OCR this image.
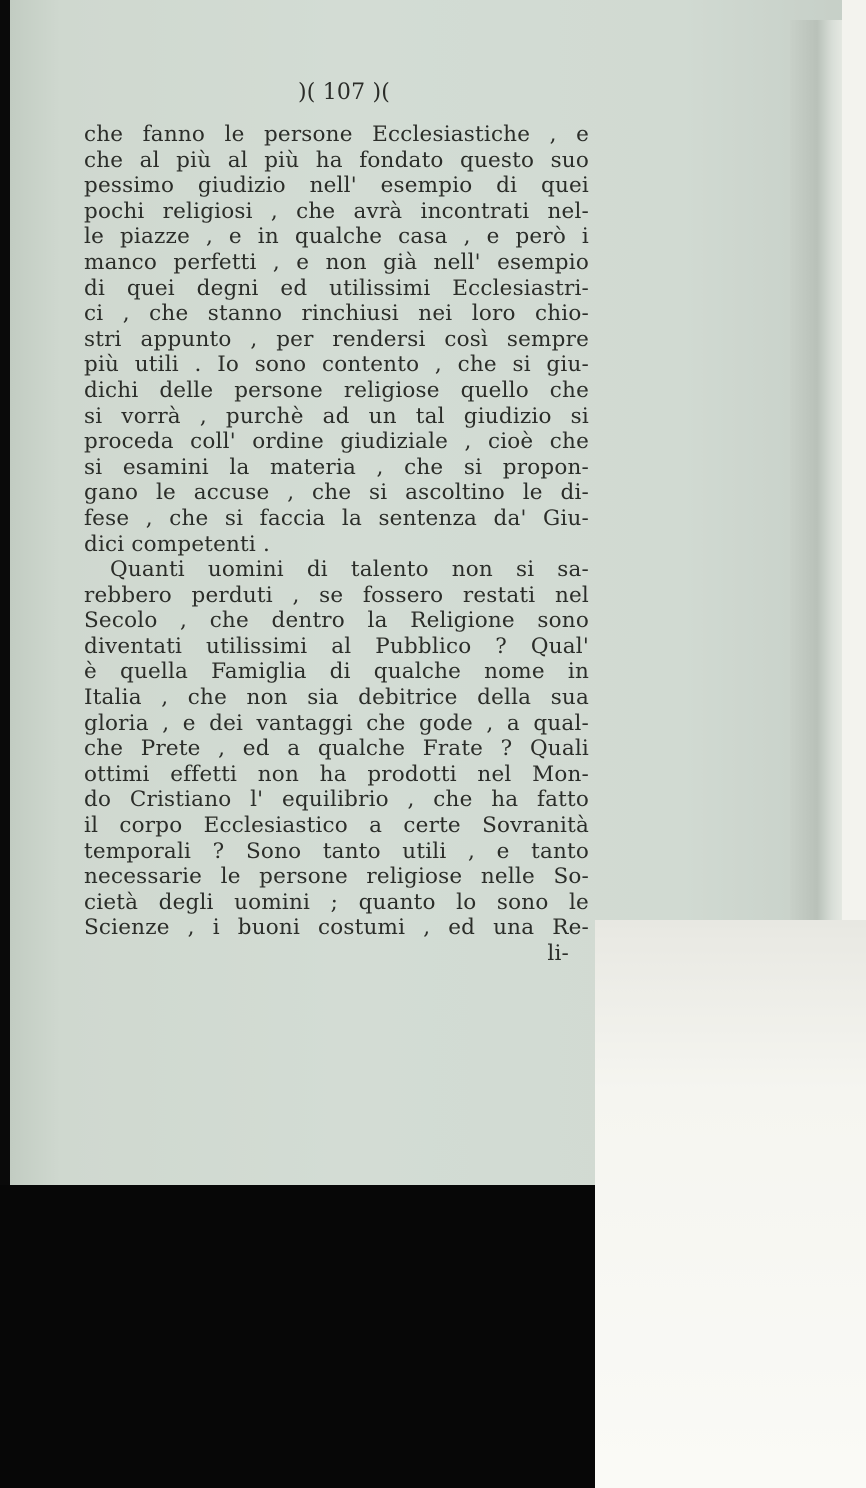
)( 107 )(
che fanno le persone Ecclesiastiche , e
che al più al più ha fondato questo suo
pessimo giudizio nell' esempio di quei
pochi religiosi , che avrà incontrati nel-
le piazze , e in qualche casa , e però i
manco perfetti , e non già nell' esempio
di quei degni ed utilissimi Ecclesiastri-
ci , che stanno rinchiusi nei loro chio-
stri appunto , per rendersi così sempre
più utili . Io sono contento , che si giu-
dichi delle persone religiose quello che
si vorrà , purchè ad un tal giudizio si
proceda coll' ordine giudiziale , cioè che
si esamini la materia , che si propon-
gano le accuse , che si ascoltino le di-
fese , che si faccia la sentenza da' Giu-
dici competenti .
Quanti uomini di talento non si sa-
rebbero perduti , se fossero restati nel
Secolo , che dentro la Religione sono
diventati utilissimi al Pubblico ? Qual'
è quella Famiglia di qualche nome in
Italia , che non sia debitrice della sua
gloria , e dei vantaggi che gode , a qual-
che Prete , ed a qualche Frate ? Quali
ottimi effetti non ha prodotti nel Mon-
do Cristiano l' equilibrio , che ha fatto
il corpo Ecclesiastico a certe Sovranità
temporali ? Sono tanto utili , e tanto
necessarie le persone religiose nelle So-
cietà degli uomini ; quanto lo sono le
Scienze , i buoni costumi , ed una Re-
li-
